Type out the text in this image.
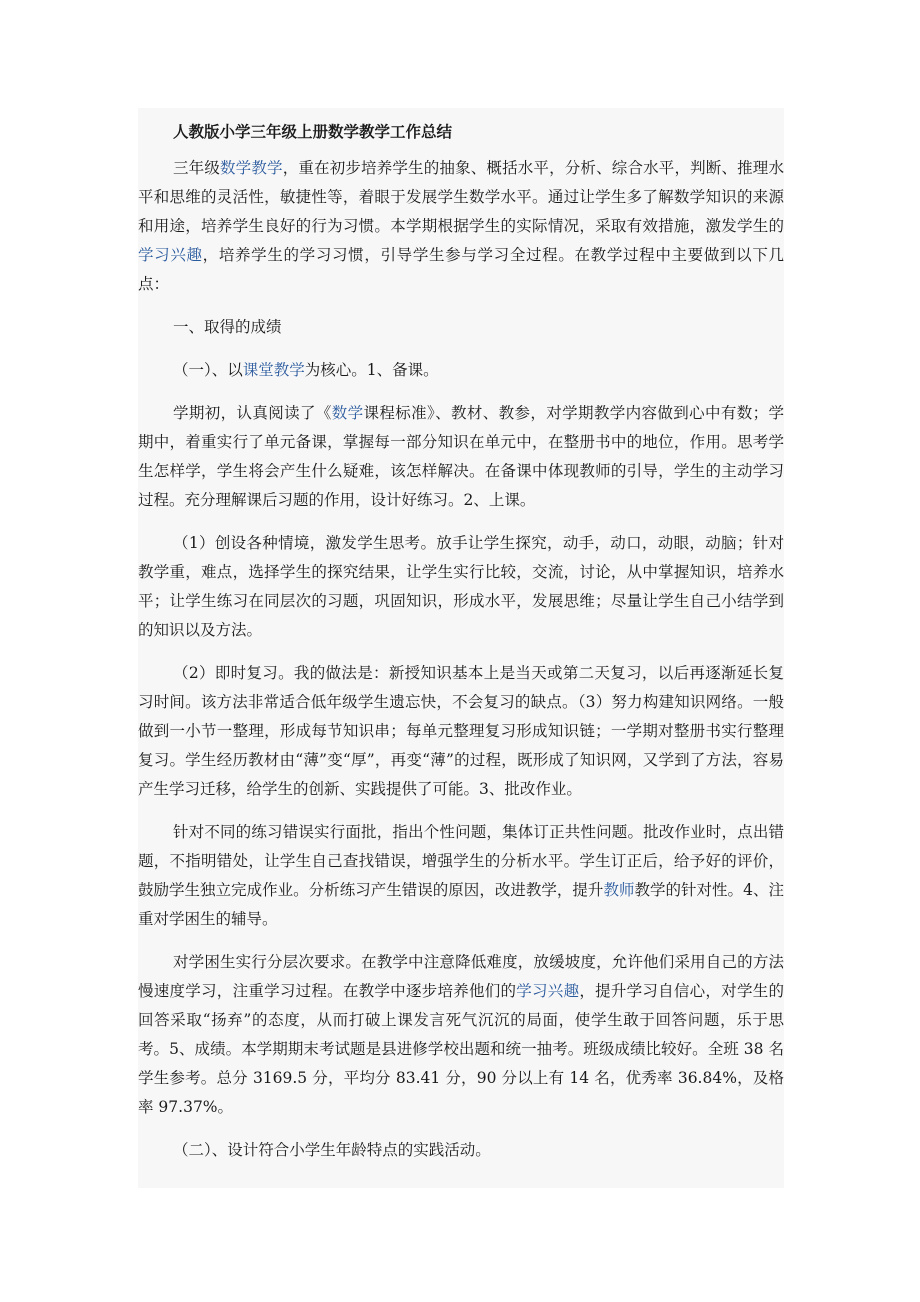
人教版小学三年级上册数学教学工作总结

三年级数学教学，重在初步培养学生的抽象、概括水平，分析、综合水平，判断、推理水平和思维的灵活性，敏捷性等，着眼于发展学生数学水平。通过让学生多了解数学知识的来源和用途，培养学生良好的行为习惯。本学期根据学生的实际情况，采取有效措施，激发学生的学习兴趣，培养学生的学习习惯，引导学生参与学习全过程。在教学过程中主要做到以下几点：

一、取得的成绩

（一）、以课堂教学为核心。1、备课。

学期初，认真阅读了《数学课程标准》、教材、教参，对学期教学内容做到心中有数；学期中，着重实行了单元备课，掌握每一部分知识在单元中，在整册书中的地位，作用。思考学生怎样学，学生将会产生什么疑难，该怎样解决。在备课中体现教师的引导，学生的主动学习过程。充分理解课后习题的作用，设计好练习。2、上课。

（1）创设各种情境，激发学生思考。放手让学生探究，动手，动口，动眼，动脑；针对教学重，难点，选择学生的探究结果，让学生实行比较，交流，讨论，从中掌握知识，培养水平；让学生练习在同层次的习题，巩固知识，形成水平，发展思维；尽量让学生自己小结学到的知识以及方法。

（2）即时复习。我的做法是：新授知识基本上是当天或第二天复习，以后再逐渐延长复习时间。该方法非常适合低年级学生遗忘快，不会复习的缺点。（3）努力构建知识网络。一般做到一小节一整理，形成每节知识串；每单元整理复习形成知识链；一学期对整册书实行整理复习。学生经历教材由“薄”变“厚”，再变“薄”的过程，既形成了知识网，又学到了方法，容易产生学习迁移，给学生的创新、实践提供了可能。3、批改作业。

针对不同的练习错误实行面批，指出个性问题，集体订正共性问题。批改作业时，点出错题，不指明错处，让学生自己查找错误，增强学生的分析水平。学生订正后，给予好的评价，鼓励学生独立完成作业。分析练习产生错误的原因，改进教学，提升教师教学的针对性。4、注重对学困生的辅导。

对学困生实行分层次要求。在教学中注意降低难度，放缓坡度，允许他们采用自己的方法慢速度学习，注重学习过程。在教学中逐步培养他们的学习兴趣，提升学习自信心，对学生的回答采取“扬弃”的态度，从而打破上课发言死气沉沉的局面，使学生敢于回答问题，乐于思考。5、成绩。本学期期末考试题是县进修学校出题和统一抽考。班级成绩比较好。全班 38 名学生参考。总分 3169.5 分，平均分 83.41 分，90 分以上有 14 名，优秀率 36.84%，及格率 97.37%。

（二）、设计符合小学生年龄特点的实践活动。
